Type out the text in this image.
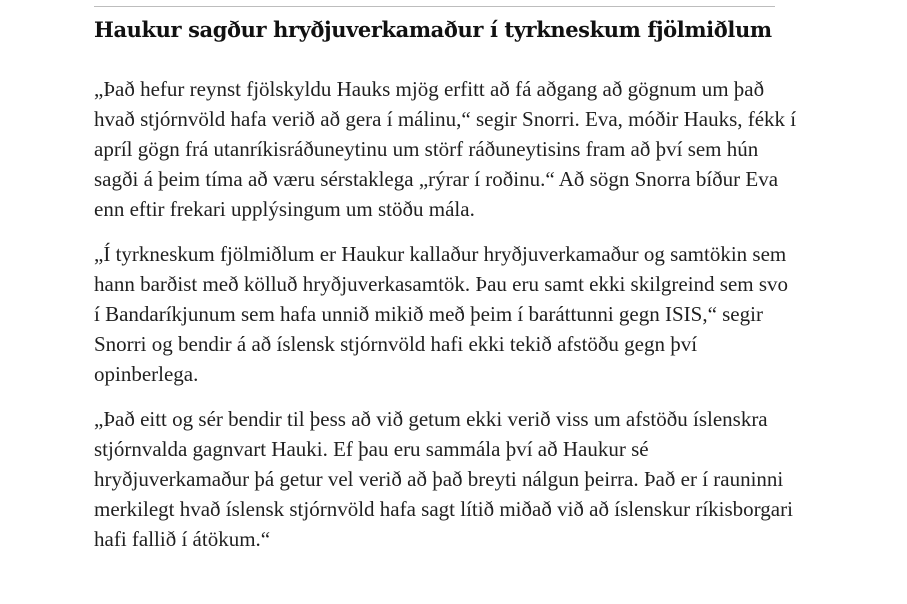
Haukur sagður hryðjuverkamaður í tyrkneskum fjölmiðlum

„Það hefur reynst fjölskyldu Hauks mjög erfitt að fá aðgang að gögnum um það hvað stjórnvöld hafa verið að gera í málinu,“ segir Snorri. Eva, móðir Hauks, fékk í apríl gögn frá utanríkisráðuneytinu um störf ráðuneytisins fram að því sem hún sagði á þeim tíma að væru sérstaklega „rýrar í roðinu.“ Að sögn Snorra bíður Eva enn eftir frekari upplýsingum um stöðu mála.

„Í tyrkneskum fjölmiðlum er Haukur kallaður hryðjuverkamaður og samtökin sem hann barðist með kölluð hryðjuverkasamtök. Þau eru samt ekki skilgreind sem svo í Bandaríkjunum sem hafa unnið mikið með þeim í baráttunni gegn ISIS,“ segir Snorri og bendir á að íslensk stjórnvöld hafi ekki tekið afstöðu gegn því opinberlega.

„Það eitt og sér bendir til þess að við getum ekki verið viss um afstöðu íslenskra stjórnvalda gagnvart Hauki. Ef þau eru sammála því að Haukur sé hryðjuverkamaður þá getur vel verið að það breyti nálgun þeirra. Það er í rauninni merkilegt hvað íslensk stjórnvöld hafa sagt lítið miðað við að íslenskur ríkisborgari hafi fallið í átökum.“
